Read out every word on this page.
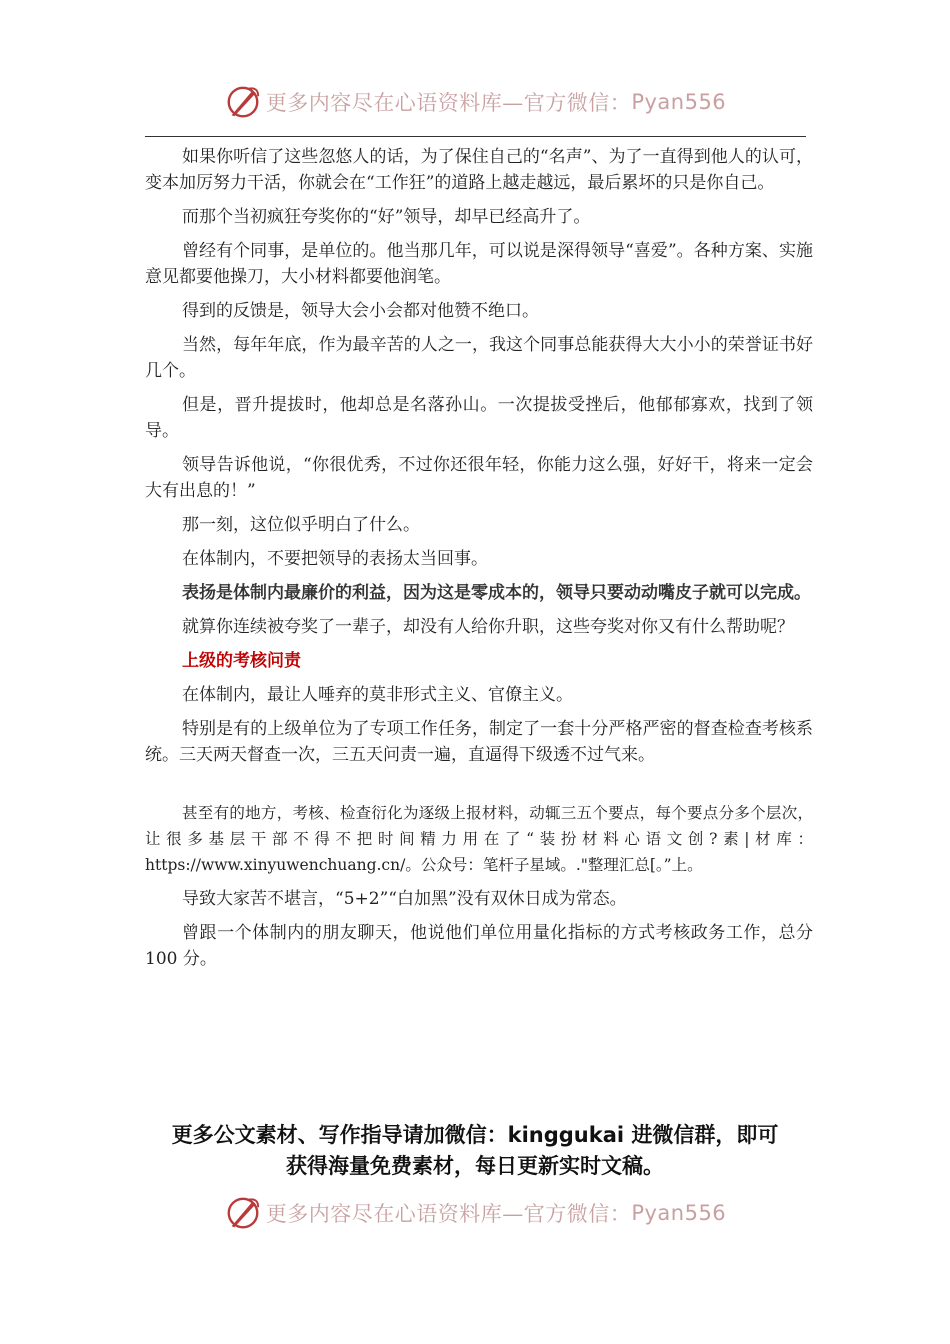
更多内容尽在心语资料库—官方微信： Pyan556

如果你听信了这些忽悠人的话，为了保住自己的“名声”、为了一直得到他人的认可，变本加厉努力干活，你就会在“工作狂”的道路上越走越远，最后累坏的只是你自己。

而那个当初疯狂夸奖你的“好”领导，却早已经高升了。

曾经有个同事，是单位的。他当那几年，可以说是深得领导“喜爱”。各种方案、实施意见都要他操刀，大小材料都要他润笔。

得到的反馈是，领导大会小会都对他赞不绝口。

当然，每年年底，作为最辛苦的人之一，我这个同事总能获得大大小小的荣誉证书好几个。

但是，晋升提拔时，他却总是名落孙山。一次提拔受挫后，他郁郁寡欢，找到了领导。

领导告诉他说，“你很优秀，不过你还很年轻，你能力这么强，好好干，将来一定会大有出息的！”

那一刻，这位似乎明白了什么。

在体制内，不要把领导的表扬太当回事。

表扬是体制内最廉价的利益，因为这是零成本的，领导只要动动嘴皮子就可以完成。

就算你连续被夸奖了一辈子，却没有人给你升职，这些夸奖对你又有什么帮助呢？

上级的考核问责

在体制内，最让人唾弃的莫非形式主义、官僚主义。

特别是有的上级单位为了专项工作任务，制定了一套十分严格严密的督查检查考核系统。三天两天督查一次，三五天问责一遍，直逼得下级透不过气来。

甚至有的地方，考核、检查衍化为逐级上报材料，动辄三五个要点，每个要点分多个层次，让很多基层干部不得不把时间精力用在了“装扮材料心语文创?素|材库：https://www.xinyuwenchuang.cn/。公众号：笔杆子星域。."整理汇总[。”上。

导致大家苦不堪言，“5+2”“白加黑”没有双休日成为常态。

曾跟一个体制内的朋友聊天，他说他们单位用量化指标的方式考核政务工作，总分 100 分。

更多公文素材、写作指导请加微信：kinggukai 进微信群，即可
获得海量免费素材，每日更新实时文稿。
更多内容尽在心语资料库—官方微信： Pyan556
